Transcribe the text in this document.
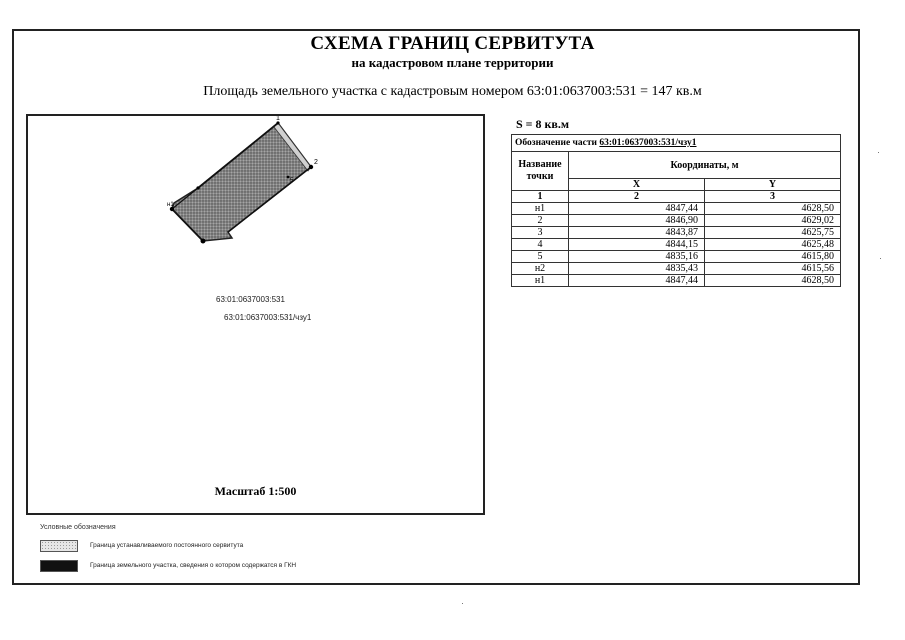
СХЕМА ГРАНИЦ СЕРВИТУТА
на кадастровом плане территории
Площадь земельного участка с кадастровым номером 63:01:0637003:531 = 147 кв.м
1
2
н1
5
63:01:0637003:531
63:01:0637003:531/чзу1
Масштаб 1:500
S = 8 кв.м
Обозначение части 63:01:0637003:531/чзу1		
Название точки	Координаты, м	
	X	Y
1	2	3
н1	4847,44	4628,50
2	4846,90	4629,02
3	4843,87	4625,75
4	4844,15	4625,48
5	4835,16	4615,80
н2	4835,43	4615,56
н1	4847,44	4628,50
Условные обозначения
Граница устанавливаемого постоянного сервитута
Граница земельного участка, сведения о котором содержатся в ГКН
